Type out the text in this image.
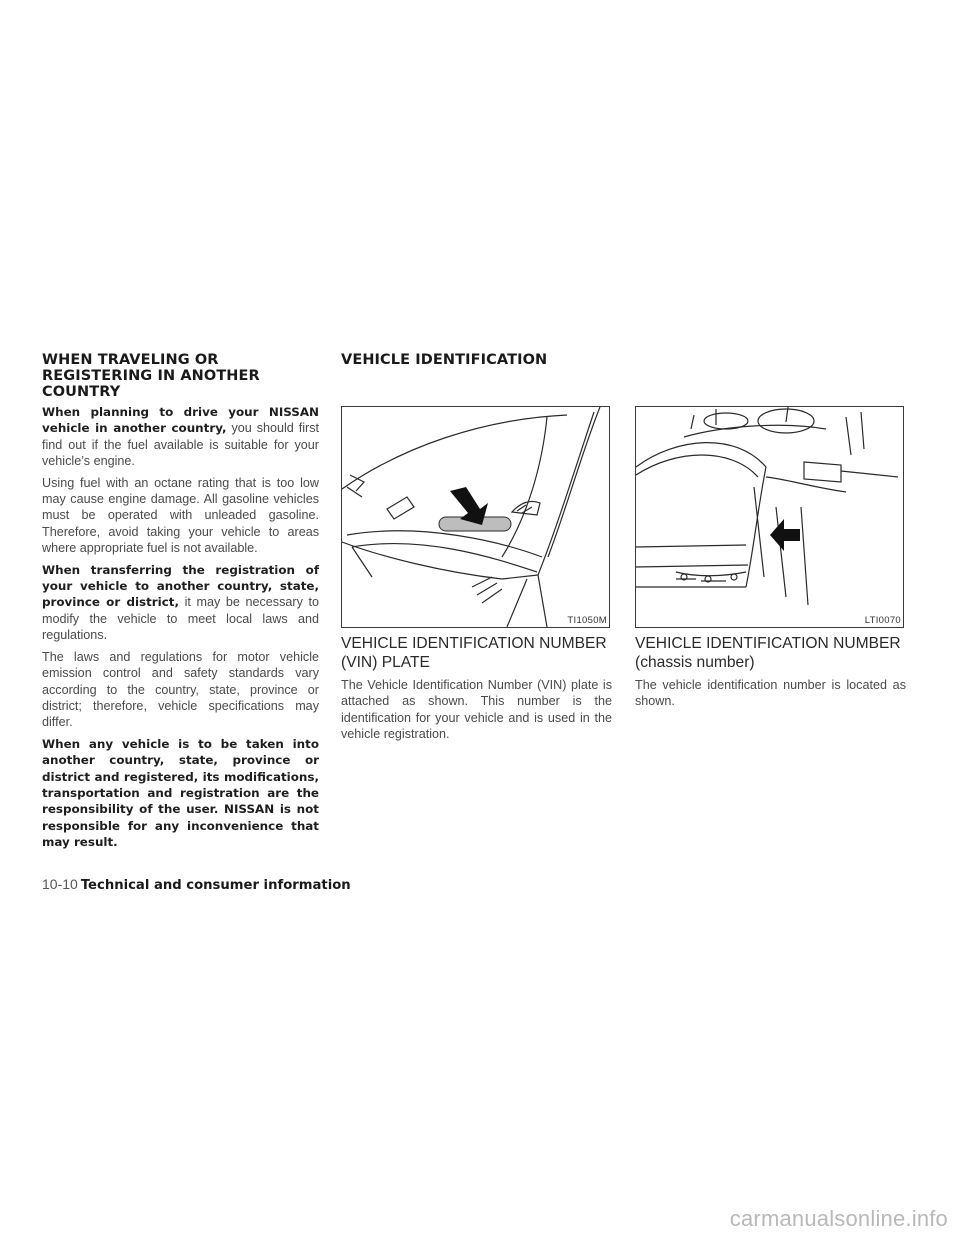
WHEN TRAVELING OR REGISTERING IN ANOTHER COUNTRY
VEHICLE IDENTIFICATION

When planning to drive your NISSAN vehicle in another country, you should first find out if the fuel available is suitable for your vehicle’s engine.

Using fuel with an octane rating that is too low may cause engine damage. All gasoline vehicles must be operated with unleaded gasoline. Therefore, avoid taking your vehicle to areas where appropriate fuel is not available.

When transferring the registration of your vehicle to another country, state, province or district, it may be necessary to modify the vehicle to meet local laws and regulations.

The laws and regulations for motor vehicle emission control and safety standards vary according to the country, state, province or district; therefore, vehicle specifications may differ.

When any vehicle is to be taken into another country, state, province or district and registered, its modifications, transportation and registration are the responsibility of the user. NISSAN is not responsible for any inconvenience that may result.

TI1050M	LTI0070
VEHICLE IDENTIFICATION NUMBER (VIN) PLATE

The Vehicle Identification Number (VIN) plate is attached as shown. This number is the identification for your vehicle and is used in the vehicle registration.

VEHICLE IDENTIFICATION NUMBER (chassis number)

The vehicle identification number is located as shown.

10-10 Technical and consumer information
carmanualsonline.info
